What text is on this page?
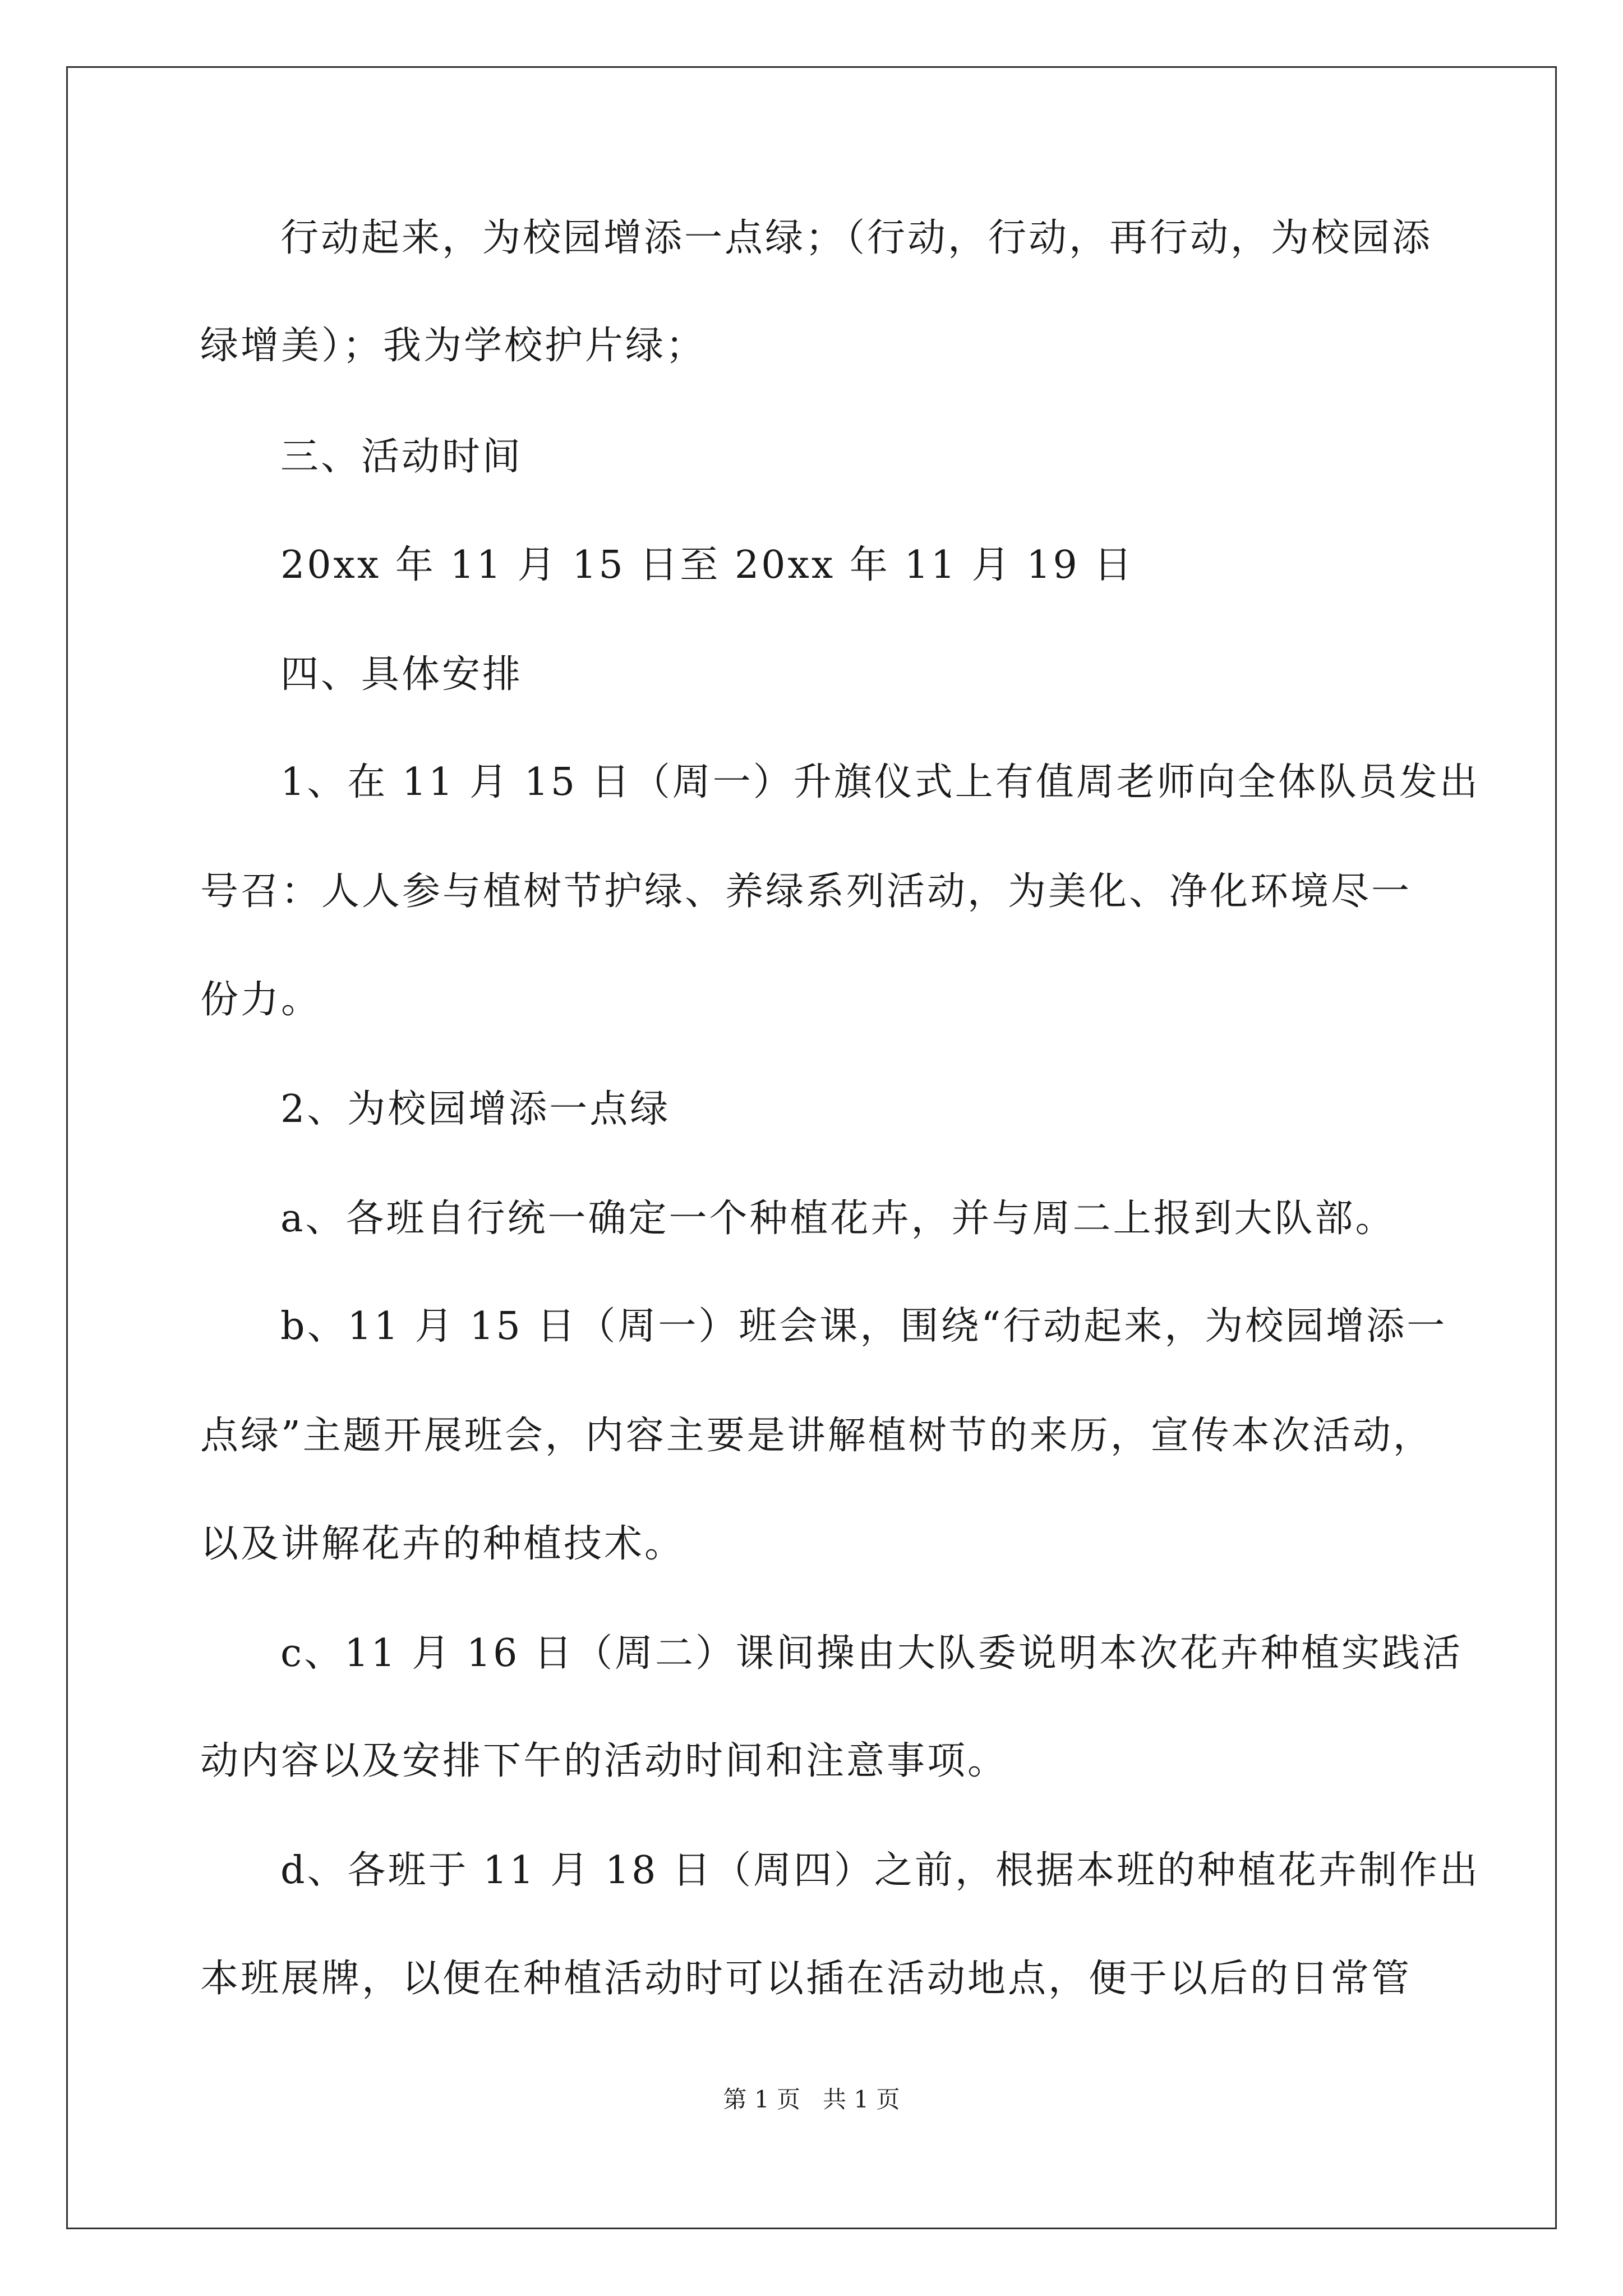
行动起来，为校园增添一点绿；（行动，行动，再行动，为校园添
绿增美）；我为学校护片绿；
三、活动时间
20xx 年 11 月 15 日至 20xx 年 11 月 19 日
四、具体安排
1、在 11 月 15 日（周一）升旗仪式上有值周老师向全体队员发出
号召：人人参与植树节护绿、养绿系列活动，为美化、净化环境尽一
份力。
2、为校园增添一点绿
a、各班自行统一确定一个种植花卉，并与周二上报到大队部。
b、11 月 15 日（周一）班会课，围绕“行动起来，为校园增添一
点绿”主题开展班会，内容主要是讲解植树节的来历，宣传本次活动，
以及讲解花卉的种植技术。
c、11 月 16 日（周二）课间操由大队委说明本次花卉种植实践活
动内容以及安排下午的活动时间和注意事项。
d、各班于 11 月 18 日（周四）之前，根据本班的种植花卉制作出
本班展牌，以便在种植活动时可以插在活动地点，便于以后的日常管
第 1 页   共 1 页
